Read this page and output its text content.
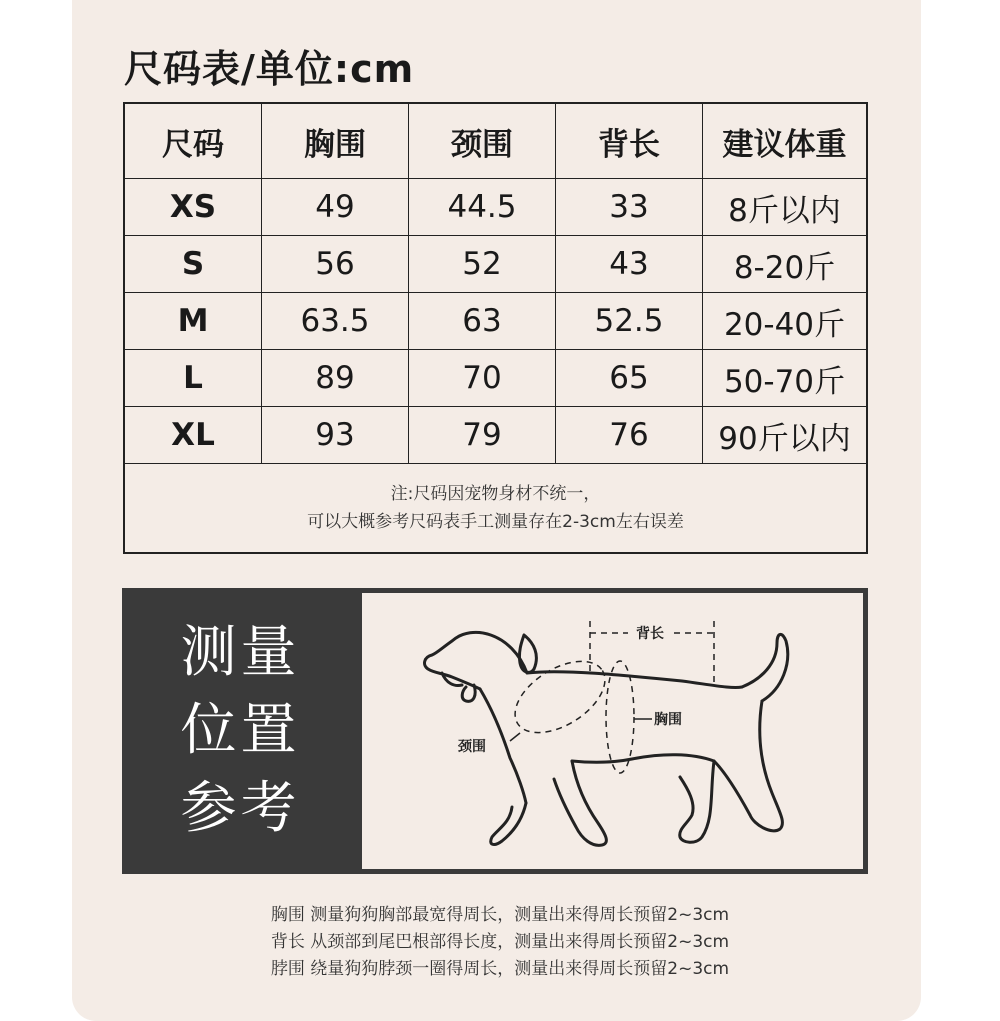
尺码表/单位:cm
尺码	胸围	颈围	背长	建议体重
XS	49	44.5	33	8斤以内
S	56	52	43	8-20斤
M	63.5	63	52.5	20-40斤
L	89	70	65	50-70斤
XL	93	79	76	90斤以内

注:尺码因宠物身材不统一，
可以大概参考尺码表手工测量存在2-3cm左右误差				
测量
位置
参考
背长
胸围
颈围
胸围 测量狗狗胸部最宽得周长，测量出来得周长预留2~3cm
背长 从颈部到尾巴根部得长度，测量出来得周长预留2~3cm
脖围 绕量狗狗脖颈一圈得周长，测量出来得周长预留2~3cm
